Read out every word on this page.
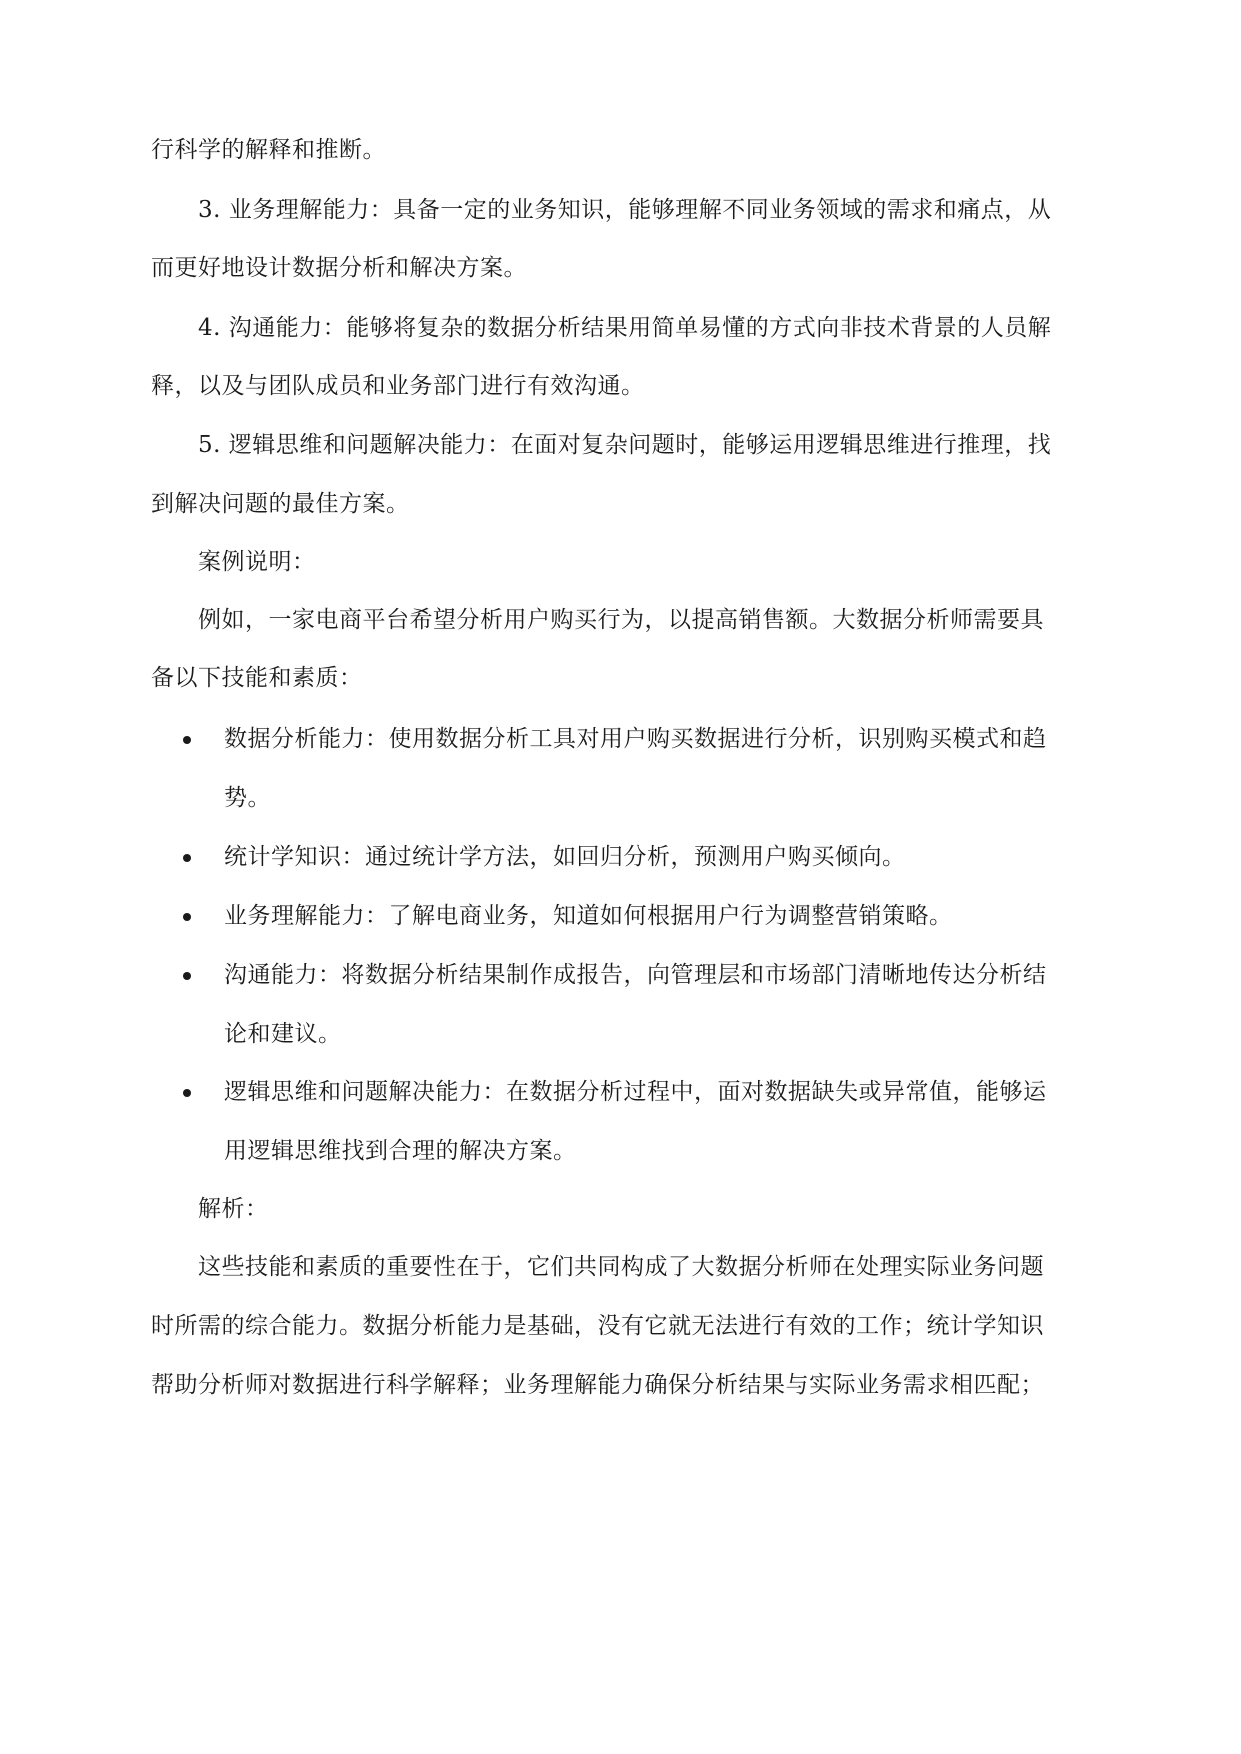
行科学的解释和推断。
3. 业务理解能力：具备一定的业务知识，能够理解不同业务领域的需求和痛点，从
而更好地设计数据分析和解决方案。
4. 沟通能力：能够将复杂的数据分析结果用简单易懂的方式向非技术背景的人员解
释，以及与团队成员和业务部门进行有效沟通。
5. 逻辑思维和问题解决能力：在面对复杂问题时，能够运用逻辑思维进行推理，找
到解决问题的最佳方案。
案例说明：
例如，一家电商平台希望分析用户购买行为，以提高销售额。大数据分析师需要具
备以下技能和素质：
数据分析能力：使用数据分析工具对用户购买数据进行分析，识别购买模式和趋
势。
统计学知识：通过统计学方法，如回归分析，预测用户购买倾向。
业务理解能力：了解电商业务，知道如何根据用户行为调整营销策略。
沟通能力：将数据分析结果制作成报告，向管理层和市场部门清晰地传达分析结
论和建议。
逻辑思维和问题解决能力：在数据分析过程中，面对数据缺失或异常值，能够运
用逻辑思维找到合理的解决方案。
解析：
这些技能和素质的重要性在于，它们共同构成了大数据分析师在处理实际业务问题
时所需的综合能力。数据分析能力是基础，没有它就无法进行有效的工作；统计学知识
帮助分析师对数据进行科学解释；业务理解能力确保分析结果与实际业务需求相匹配；
